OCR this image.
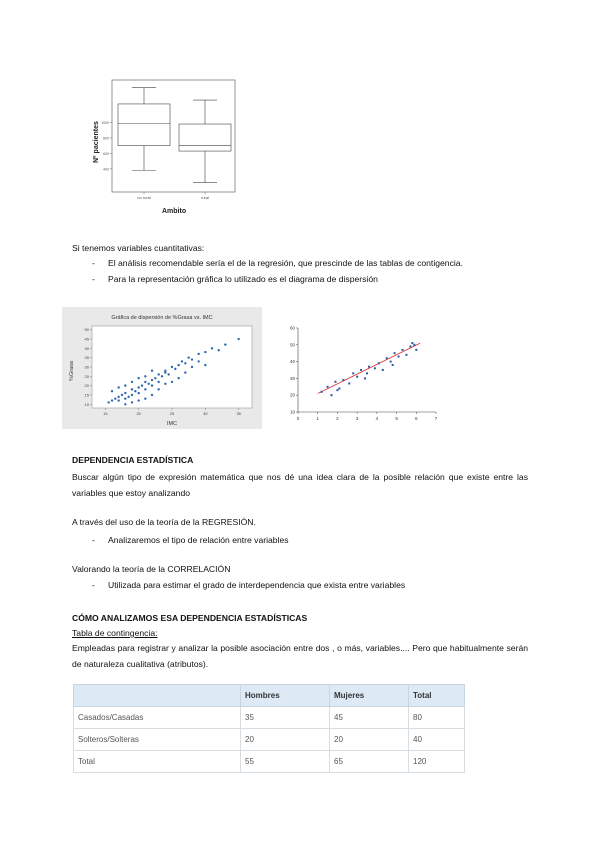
1000
800
600
400
no rural	rural
Nº pacientes
Ambito
Si tenemos variables cuantitativas:
- El análisis recomendable sería el de la regresión, que prescinde de las tablas de contigencia.
- Para la representación gráfica lo utilizado es el diagrama de dispersión
Gráfica de dispersión de %Grasa vs. IMC
10
15
20
25
30
35
40
45
50
15	20	25	30	35
IMC
%Grasa
10
20
30
40
50
60
0	1	2	3	4	5	6	7
DEPENDENCIA ESTADÍSTICA
Buscar algún tipo de expresión matemática que nos dé una idea clara de la posible relación que existe entre las variables que estoy analizando
A través del uso de la teoría de la REGRESIÓN.
- Analizaremos el tipo de relación entre variables
Valorando la teoría de la CORRELACIÓN
- Utilizada para estimar el grado de interdependencia que exista entre variables
CÓMO ANALIZAMOS ESA DEPENDENCIA ESTADÍSTICAS
Tabla de contingencia:
Empleadas para registrar y analizar la posible asociación entre dos , o más, variables.... Pero que habitualmente serán de naturaleza cualitativa (atributos).
	Hombres	Mujeres	Total
Casados/Casadas	35	45	80
Solteros/Solteras	20	20	40
Total	55	65	120
